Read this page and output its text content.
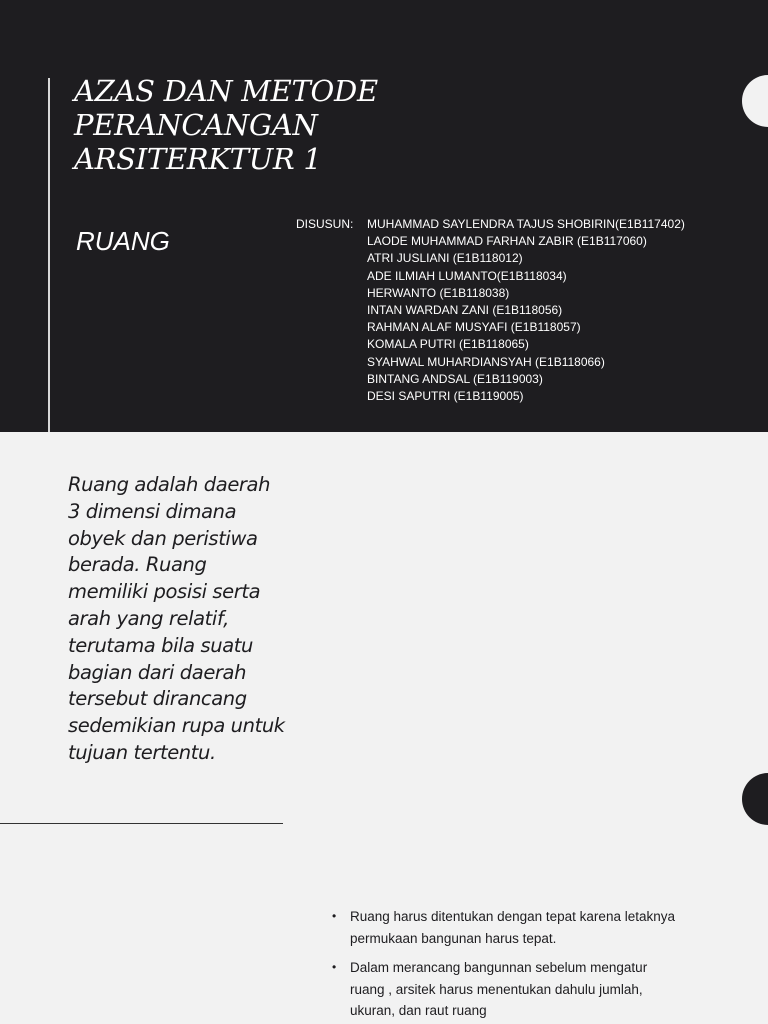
AZAS DAN METODE
PERANCANGAN
ARSITERKTUR 1
RUANG
DISUSUN: MUHAMMAD SAYLENDRA TAJUS SHOBIRIN(E1B117402)
LAODE MUHAMMAD FARHAN ZABIR (E1B117060)
ATRI JUSLIANI (E1B118012)
ADE ILMIAH LUMANTO(E1B118034)
HERWANTO (E1B118038)
INTAN WARDAN ZANI (E1B118056)
RAHMAN ALAF MUSYAFI (E1B118057)
KOMALA PUTRI (E1B118065)
SYAHWAL MUHARDIANSYAH (E1B118066)
BINTANG ANDSAL (E1B119003)
DESI SAPUTRI (E1B119005)

Ruang adalah daerah
3 dimensi dimana
obyek dan peristiwa
berada. Ruang
memiliki posisi serta
arah yang relatif,
terutama bila suatu
bagian dari daerah
tersebut dirancang
sedemikian rupa untuk
tujuan tertentu.

• Ruang harus ditentukan dengan tepat karena letaknya
permukaan bangunan harus tepat.
• Dalam merancang bangunnan sebelum mengatur
ruang , arsitek harus menentukan dahulu jumlah,
ukuran, dan raut ruang
